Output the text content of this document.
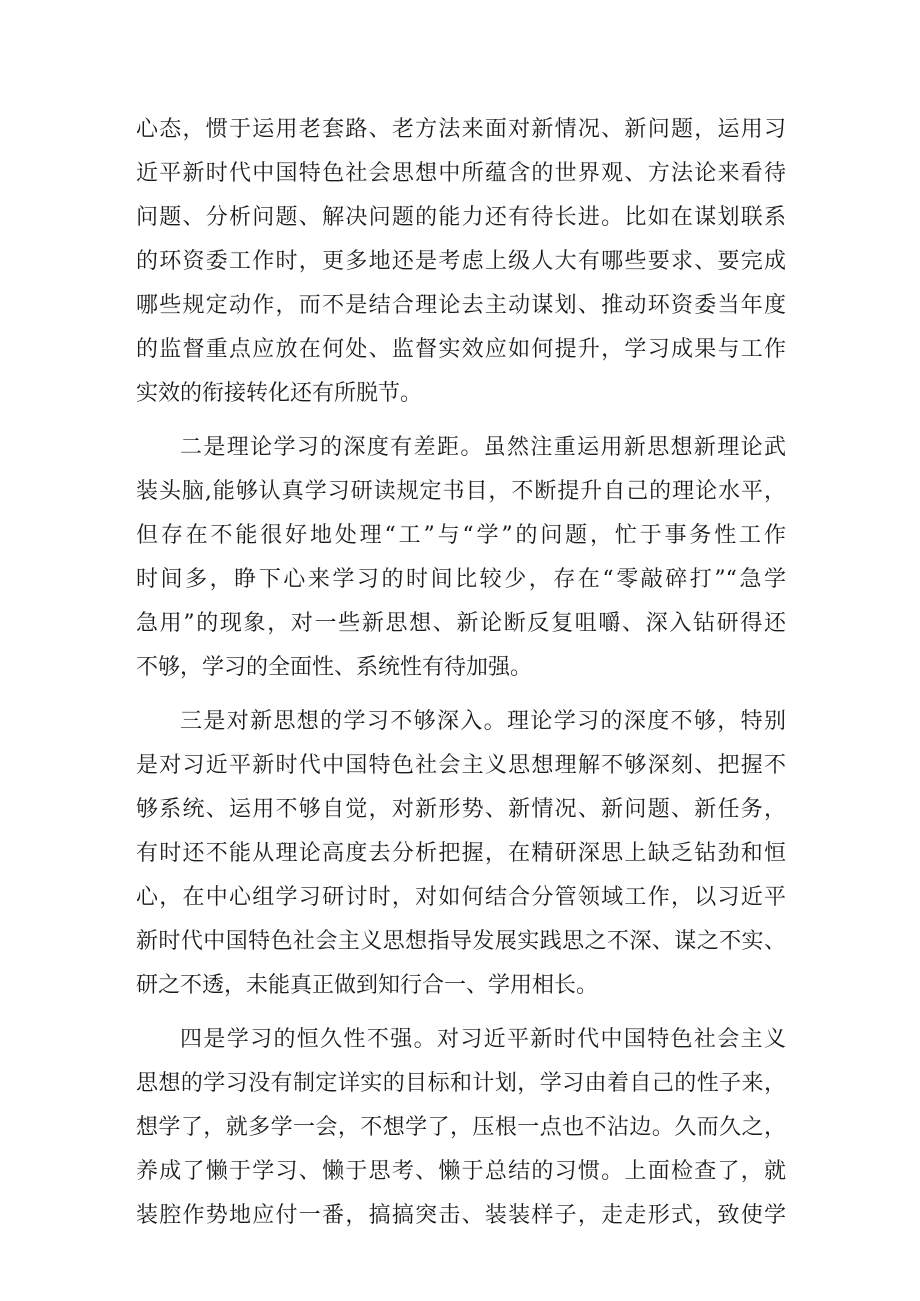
心态，惯于运用老套路、老方法来面对新情况、新问题，运用习
近平新时代中国特色社会思想中所蕴含的世界观、方法论来看待
问题、分析问题、解决问题的能力还有待长进。比如在谋划联系
的环资委工作时，更多地还是考虑上级人大有哪些要求、要完成
哪些规定动作，而不是结合理论去主动谋划、推动环资委当年度
的监督重点应放在何处、监督实效应如何提升，学习成果与工作
实效的衔接转化还有所脱节。
二是理论学习的深度有差距。虽然注重运用新思想新理论武
装头脑,能够认真学习研读规定书目，不断提升自己的理论水平，
但存在不能很好地处理“工”与“学”的问题，忙于事务性工作
时间多，睁下心来学习的时间比较少，存在“零敲碎打”“急学
急用”的现象，对一些新思想、新论断反复咀嚼、深入钻研得还
不够，学习的全面性、系统性有待加强。
三是对新思想的学习不够深入。理论学习的深度不够，特别
是对习近平新时代中国特色社会主义思想理解不够深刻、把握不
够系统、运用不够自觉，对新形势、新情况、新问题、新任务，
有时还不能从理论高度去分析把握，在精研深思上缺乏钻劲和恒
心，在中心组学习研讨时，对如何结合分管领域工作，以习近平
新时代中国特色社会主义思想指导发展实践思之不深、谋之不实、
研之不透，未能真正做到知行合一、学用相长。
四是学习的恒久性不强。对习近平新时代中国特色社会主义
思想的学习没有制定详实的目标和计划，学习由着自己的性子来，
想学了，就多学一会，不想学了，压根一点也不沾边。久而久之，
养成了懒于学习、懒于思考、懒于总结的习惯。上面检查了，就
装腔作势地应付一番，搞搞突击、装装样子，走走形式，致使学
